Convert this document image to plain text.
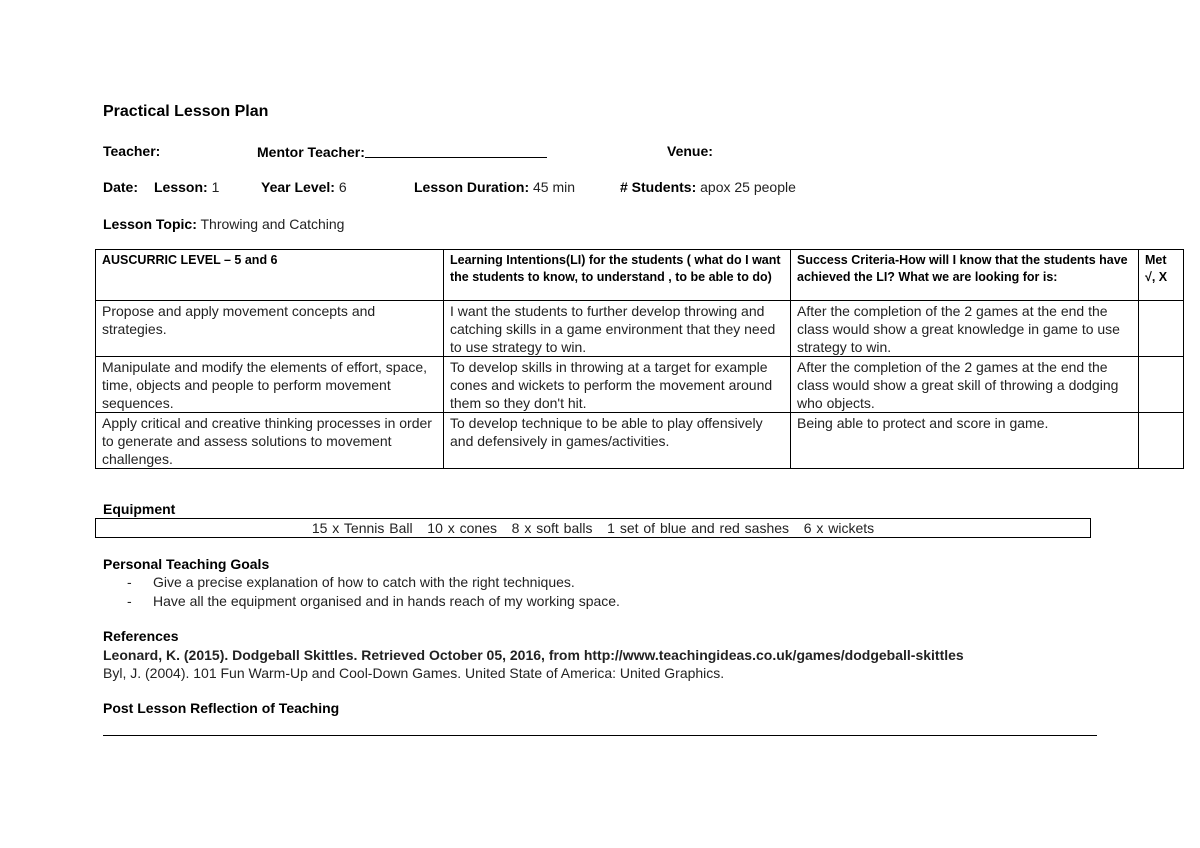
Practical Lesson Plan
Teacher:	Mentor Teacher:	Venue:
Date: Lesson: 1	Year Level: 6	Lesson Duration: 45 min	# Students: apox 25 people
Lesson Topic: Throwing and Catching
AUSCURRIC LEVEL – 5 and 6	Learning Intentions(LI) for the students ( what do I want the students to know, to understand , to be able to do)	Success Criteria-How will I know that the students have achieved the LI? What we are looking for is:	Met √, X
Propose and apply movement concepts and strategies.	I want the students to further develop throwing and catching skills in a game environment that they need to use strategy to win.	After the completion of the 2 games at the end the class would show a great knowledge in game to use strategy to win.	
Manipulate and modify the elements of effort, space, time, objects and people to perform movement sequences.	To develop skills in throwing at a target for example cones and wickets to perform the movement around them so they don't hit.	After the completion of the 2 games at the end the class would show a great skill of throwing a dodging who objects.	
Apply critical and creative thinking processes in order to generate and assess solutions to movement challenges.	To develop technique to be able to play offensively and defensively in games/activities.	Being able to protect and score in game.	
Equipment
15 x Tennis Ball   10 x cones   8 x soft balls   1 set of blue and red sashes   6 x wickets
Personal Teaching Goals
- Give a precise explanation of how to catch with the right techniques.
- Have all the equipment organised and in hands reach of my working space.
References
Leonard, K. (2015). Dodgeball Skittles. Retrieved October 05, 2016, from http://www.teachingideas.co.uk/games/dodgeball-skittles
Byl, J. (2004). 101 Fun Warm-Up and Cool-Down Games. United State of America: United Graphics.
Post Lesson Reflection of Teaching
